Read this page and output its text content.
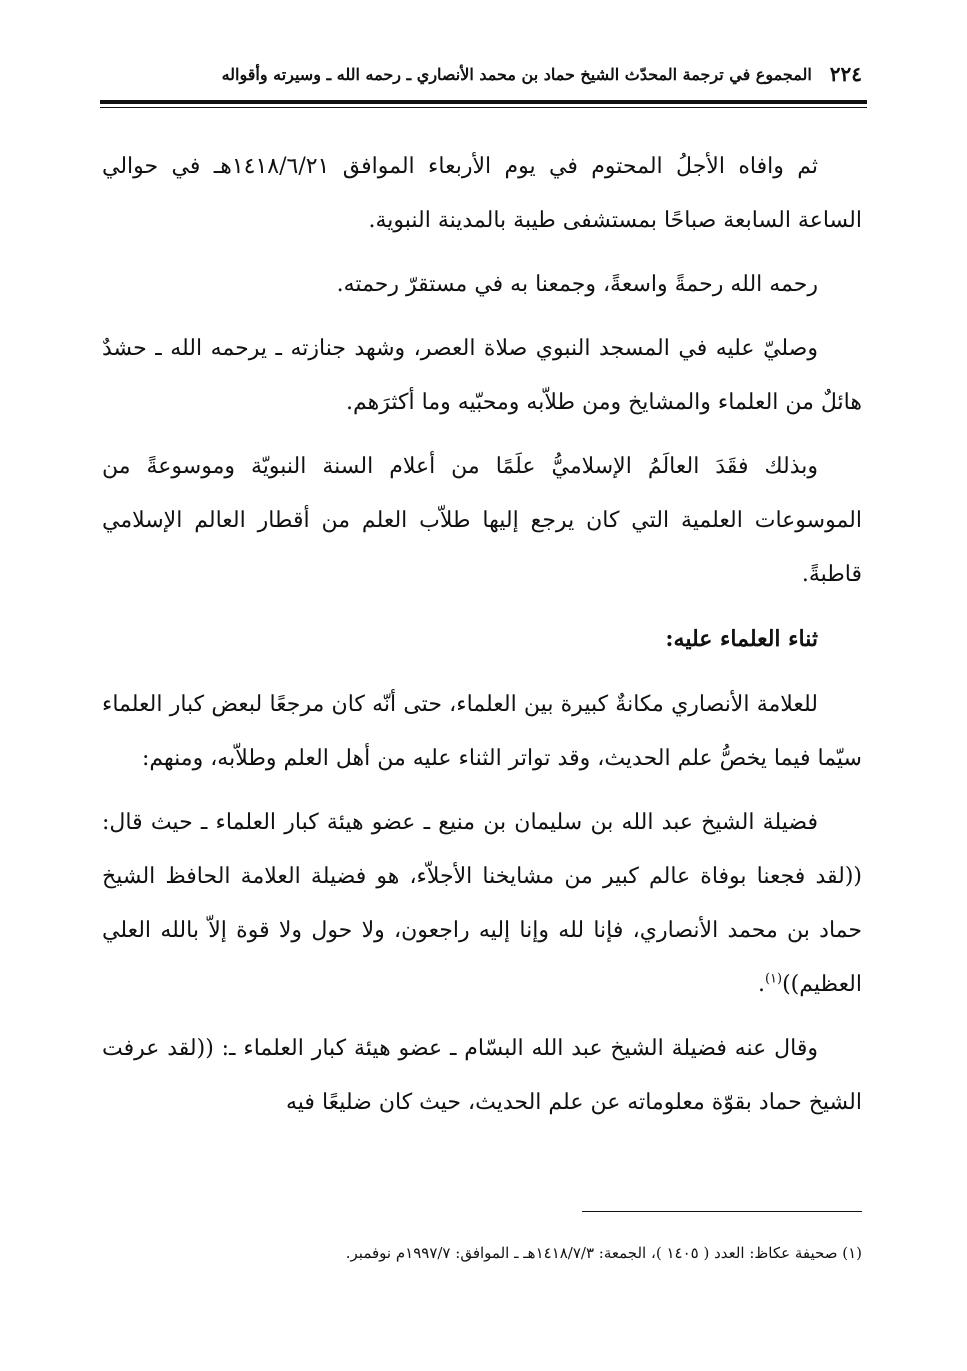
٢٢٤
المجموع في ترجمة المحدّث الشيخ حماد بن محمد الأنصاري ـ رحمه الله ـ وسيرته وأقواله

ثم وافاه الأجلُ المحتوم في يوم الأربعاء الموافق ١٤١٨/٦/٢١هـ في حوالي الساعة السابعة صباحًا بمستشفى طيبة بالمدينة النبوية.

رحمه الله رحمةً واسعةً، وجمعنا به في مستقرّ رحمته.

وصليّ عليه في المسجد النبوي صلاة العصر، وشهد جنازته ـ يرحمه الله ـ حشدٌ هائلٌ من العلماء والمشايخ ومن طلاّبه ومحبّيه وما أكثرَهم.

وبذلك فقَدَ العالَمُ الإسلاميُّ علَمًا من أعلام السنة النبويّة وموسوعةً من الموسوعات العلمية التي كان يرجع إليها طلاّب العلم من أقطار العالم الإسلامي قاطبةً.

ثناء العلماء عليه:

للعلامة الأنصاري مكانةٌ كبيرة بين العلماء، حتى أنّه كان مرجعًا لبعض كبار العلماء سيّما فيما يخصُّ علم الحديث، وقد تواتر الثناء عليه من أهل العلم وطلاّبه، ومنهم:

فضيلة الشيخ عبد الله بن سليمان بن منيع ـ عضو هيئة كبار العلماء ـ حيث قال: ((لقد فجعنا بوفاة عالم كبير من مشايخنا الأجلاّء، هو فضيلة العلامة الحافظ الشيخ حماد بن محمد الأنصاري، فإنا لله وإنا إليه راجعون، ولا حول ولا قوة إلاّ بالله العلي العظيم))$^{(١)}$.

وقال عنه فضيلة الشيخ عبد الله البسّام ـ عضو هيئة كبار العلماء ـ: ((لقد عرفت الشيخ حماد بقوّة معلوماته عن علم الحديث، حيث كان ضليعًا فيه

(١) صحيفة عكاظ: العدد ( ١٤٠٥ )، الجمعة: ١٤١٨/٧/٣هـ ـ الموافق: ١٩٩٧/٧م نوفمبر.
